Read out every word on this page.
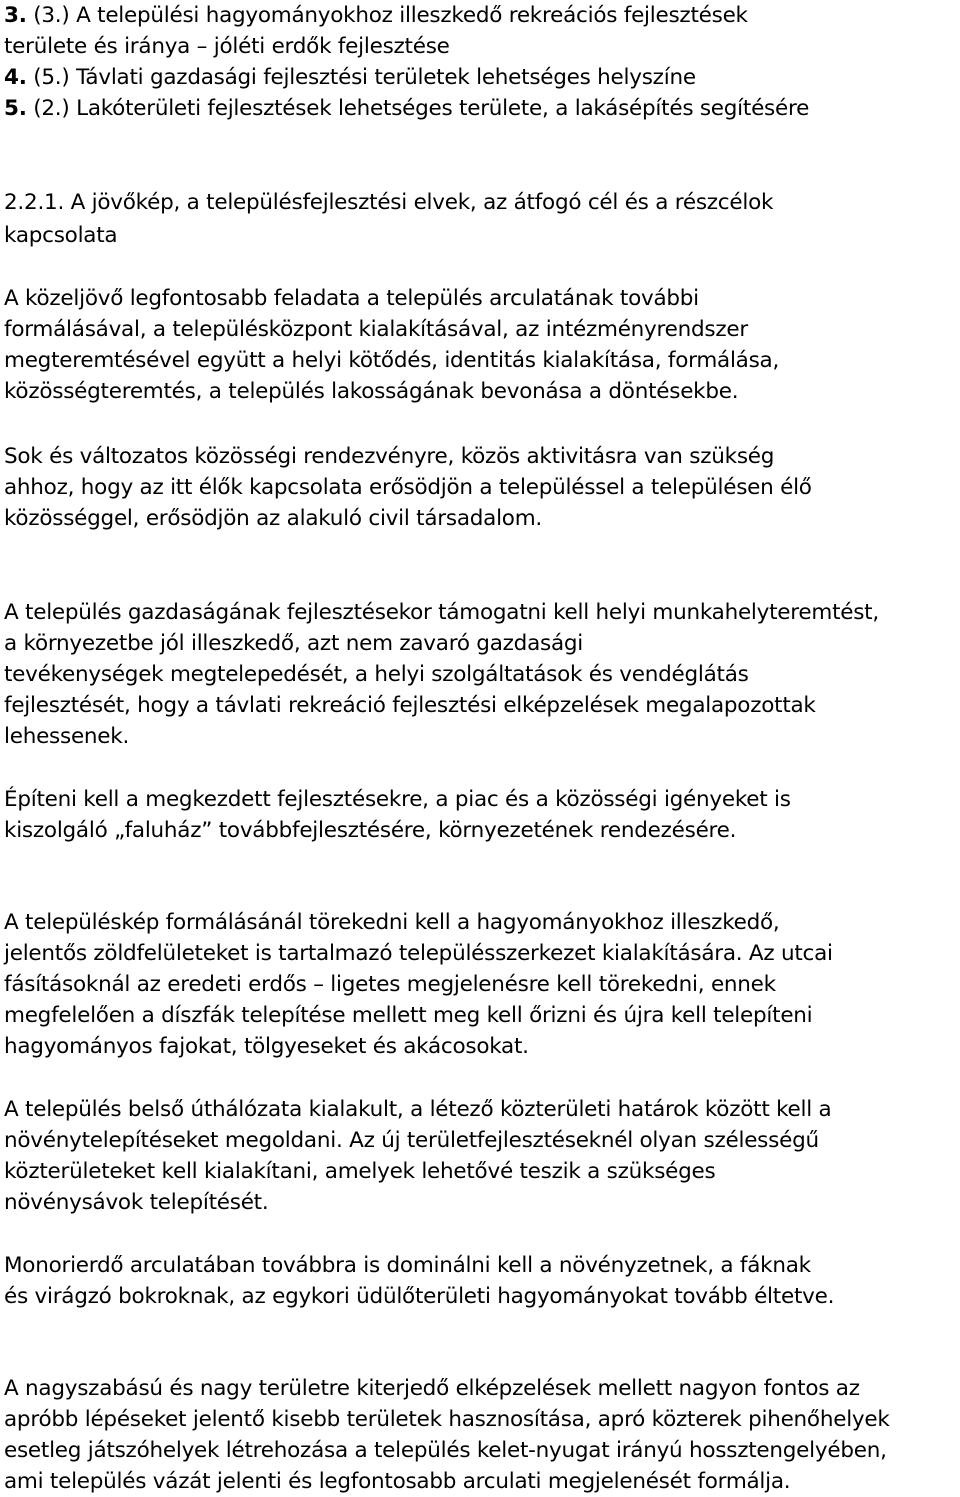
3. (3.) A települési hagyományokhoz illeszkedő rekreációs fejlesztések
területe és iránya – jóléti erdők fejlesztése
4. (5.) Távlati gazdasági fejlesztési területek lehetséges helyszíne
5. (2.) Lakóterületi fejlesztések lehetséges területe, a lakásépítés segítésére
2.2.1. A jövőkép, a településfejlesztési elvek, az átfogó cél és a részcélok
kapcsolata
A közeljövő legfontosabb feladata a település arculatának további
formálásával, a településközpont kialakításával, az intézményrendszer
megteremtésével együtt a helyi kötődés, identitás kialakítása, formálása,
közösségteremtés, a település lakosságának bevonása a döntésekbe.
Sok és változatos közösségi rendezvényre, közös aktivitásra van szükség
ahhoz, hogy az itt élők kapcsolata erősödjön a településsel a településen élő
közösséggel, erősödjön az alakuló civil társadalom.
A település gazdaságának fejlesztésekor támogatni kell helyi munkahelyteremtést,
a környezetbe jól illeszkedő, azt nem zavaró gazdasági
tevékenységek megtelepedését, a helyi szolgáltatások és vendéglátás
fejlesztését, hogy a távlati rekreáció fejlesztési elképzelések megalapozottak
lehessenek.
Építeni kell a megkezdett fejlesztésekre, a piac és a közösségi igényeket is
kiszolgáló „faluház” továbbfejlesztésére, környezetének rendezésére.
A településkép formálásánál törekedni kell a hagyományokhoz illeszkedő,
jelentős zöldfelületeket is tartalmazó településszerkezet kialakítására. Az utcai
fásításoknál az eredeti erdős – ligetes megjelenésre kell törekedni, ennek
megfelelően a díszfák telepítése mellett meg kell őrizni és újra kell telepíteni
hagyományos fajokat, tölgyeseket és akácosokat.
A település belső úthálózata kialakult, a létező közterületi határok között kell a
növénytelepítéseket megoldani. Az új területfejlesztéseknél olyan szélességű
közterületeket kell kialakítani, amelyek lehetővé teszik a szükséges
növénysávok telepítését.
Monorierdő arculatában továbbra is dominálni kell a növényzetnek, a fáknak
és virágzó bokroknak, az egykori üdülőterületi hagyományokat tovább éltetve.
A nagyszabású és nagy területre kiterjedő elképzelések mellett nagyon fontos az
apróbb lépéseket jelentő kisebb területek hasznosítása, apró közterek pihenőhelyek
esetleg játszóhelyek létrehozása a település kelet-nyugat irányú hossztengelyében,
ami település vázát jelenti és legfontosabb arculati megjelenését formálja.
